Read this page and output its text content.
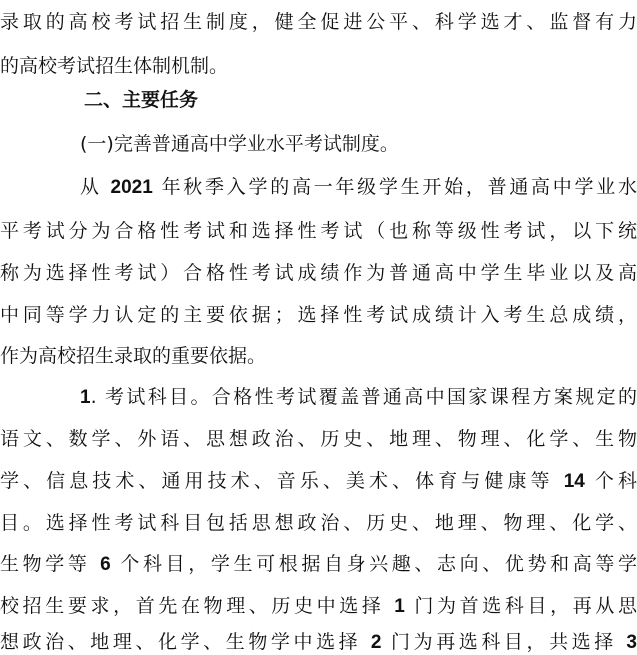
录取的高校考试招生制度，健全促进公平、科学选才、监督有力
的高校考试招生体制机制。
二、主要任务
(一)完善普通高中学业水平考试制度。
从 2021 年秋季入学的高一年级学生开始，普通高中学业水
平考试分为合格性考试和选择性考试（也称等级性考试，以下统
称为选择性考试）合格性考试成绩作为普通高中学生毕业以及高
中同等学力认定的主要依据；选择性考试成绩计入考生总成绩，
作为高校招生录取的重要依据。
1. 考试科目。合格性考试覆盖普通高中国家课程方案规定的
语文、数学、外语、思想政治、历史、地理、物理、化学、生物
学、信息技术、通用技术、音乐、美术、体育与健康等 14 个科
目。选择性考试科目包括思想政治、历史、地理、物理、化学、
生物学等 6 个科目，学生可根据自身兴趣、志向、优势和高等学
校招生要求，首先在物理、历史中选择 1 门为首选科目，再从思
想政治、地理、化学、生物学中选择 2 门为再选科目，共选择 3
